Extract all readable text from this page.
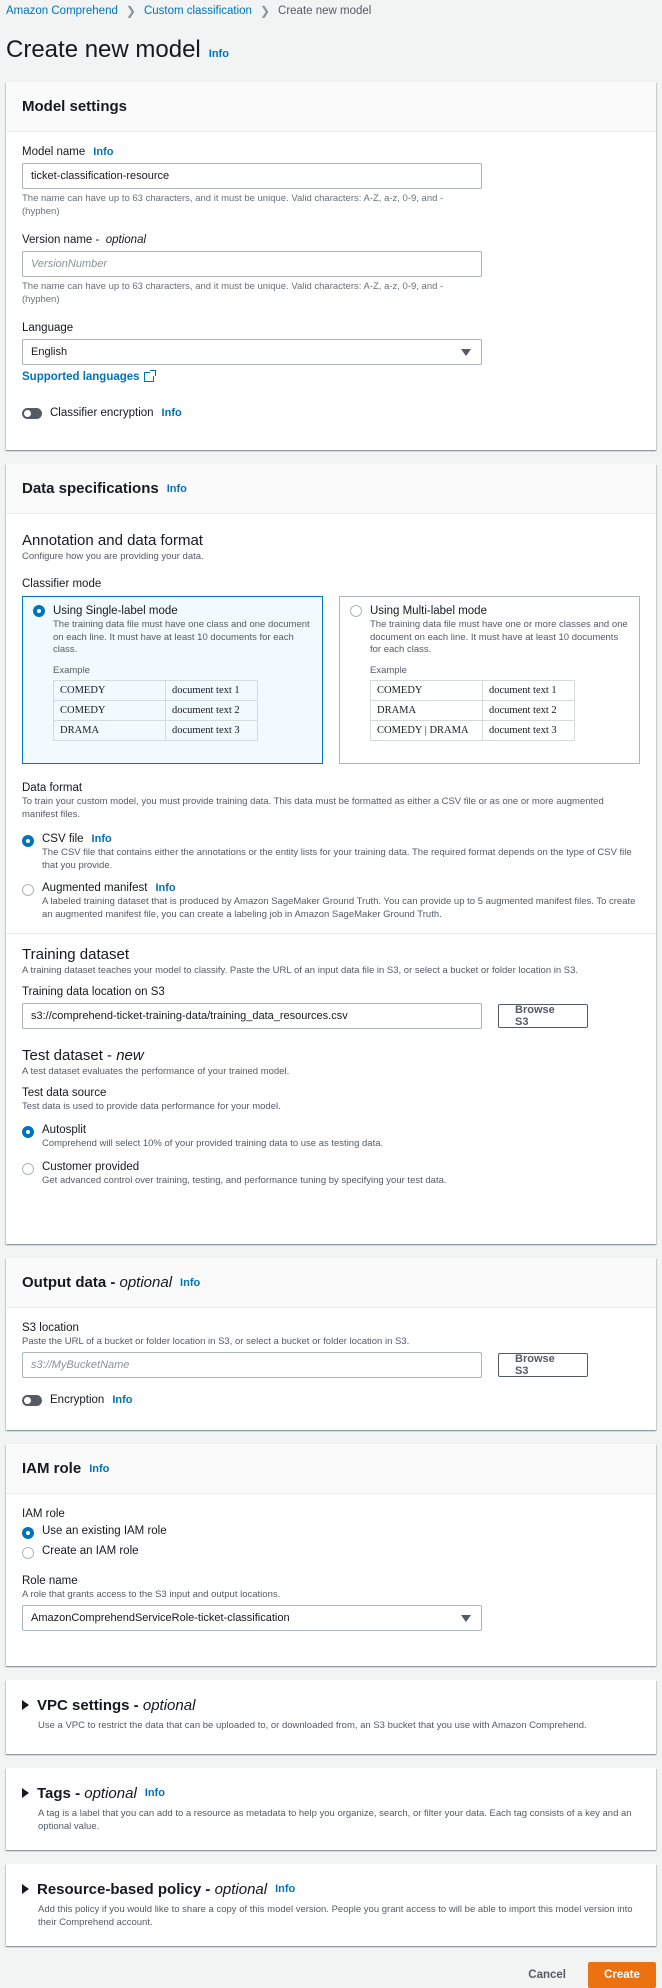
Amazon Comprehend ❯ Custom classification ❯ Create new model
Create new model Info
Model settings
Model name Info
ticket-classification-resource
The name can have up to 63 characters, and it must be unique. Valid characters: A-Z, a-z, 0-9, and - (hyphen)
Version name -
optional
VersionNumber
The name can have up to 63 characters, and it must be unique. Valid characters: A-Z, a-z, 0-9, and - (hyphen)
Language
English
Supported languages
Classifier encryption Info
Data specifications Info
Annotation and data format
Configure how you are providing your data.
Classifier mode
Using Single-label mode
The training data file must have one class and one document on each line. It must have at least 10 documents for each class.
Example
COMEDY	document text 1
COMEDY	document text 2
DRAMA	document text 3
Using Multi-label mode
The training data file must have one or more classes and one document on each line. It must have at least 10 documents for each class.
Example
COMEDY	document text 1
DRAMA	document text 2
COMEDY | DRAMA	document text 3
Data format
To train your custom model, you must provide training data. This data must be formatted as either a CSV file or as one or more augmented manifest files.
CSV file Info
The CSV file that contains either the annotations or the entity lists for your training data. The required format depends on the type of CSV file that you provide.
Augmented manifest Info
A labeled training dataset that is produced by Amazon SageMaker Ground Truth. You can provide up to 5 augmented manifest files. To create an augmented manifest file, you can create a labeling job in Amazon SageMaker Ground Truth.
Training dataset
A training dataset teaches your model to classify. Paste the URL of an input data file in S3, or select a bucket or folder location in S3.
Training data location on S3
s3://comprehend-ticket-training-data/training_data_resources.csv	Browse S3
Test dataset - new
A test dataset evaluates the performance of your trained model.
Test data source
Test data is used to provide data performance for your model.
Autosplit
Comprehend will select 10% of your provided training data to use as testing data.
Customer provided
Get advanced control over training, testing, and performance tuning by specifying your test data.
Output data - optional Info
S3 location
Paste the URL of a bucket or folder location in S3, or select a bucket or folder location in S3.
s3://MyBucketName	Browse S3
Encryption Info
IAM role Info
IAM role
Use an existing IAM role
Create an IAM role
Role name
A role that grants access to the S3 input and output locations.
AmazonComprehendServiceRole-ticket-classification
VPC settings - optional
Use a VPC to restrict the data that can be uploaded to, or downloaded from, an S3 bucket that you use with Amazon Comprehend.
Tags - optional Info
A tag is a label that you can add to a resource as metadata to help you organize, search, or filter your data. Each tag consists of a key and an optional value.
Resource-based policy - optional Info
Add this policy if you would like to share a copy of this model version. People you grant access to will be able to import this model version into their Comprehend account.
Cancel	Create
